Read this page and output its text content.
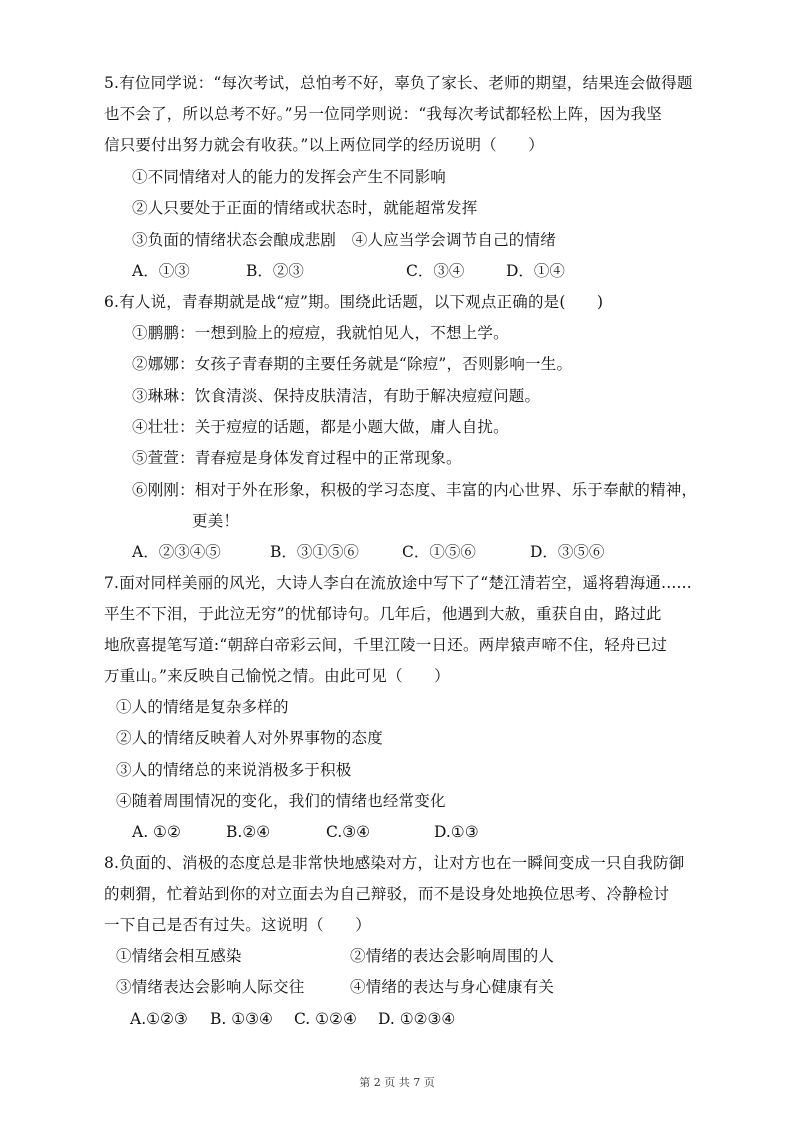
5.有位同学说：“每次考试，总怕考不好，辜负了家长、老师的期望，结果连会做得题
也不会了，所以总考不好。”另一位同学则说：“我每次考试都轻松上阵，因为我坚
信只要付出努力就会有收获。”以上两位同学的经历说明（　　）
①不同情绪对人的能力的发挥会产生不同影响
②人只要处于正面的情绪或状态时，就能超常发挥
③负面的情绪状态会酿成悲剧　④人应当学会调节自己的情绪
A．①③	B．②③	C．③④	D．①④
6.有人说，青春期就是战“痘”期。围绕此话题，以下观点正确的是(　　)
①鹏鹏：一想到脸上的痘痘，我就怕见人，不想上学。
②娜娜：女孩子青春期的主要任务就是“除痘”，否则影响一生。
③琳琳：饮食清淡、保持皮肤清洁，有助于解决痘痘问题。
④壮壮：关于痘痘的话题，都是小题大做，庸人自扰。
⑤萱萱：青春痘是身体发育过程中的正常现象。
⑥刚刚：相对于外在形象，积极的学习态度、丰富的内心世界、乐于奉献的精神，
更美！
A．②③④⑤	B．③①⑤⑥	C．①⑤⑥	D．③⑤⑥
7.面对同样美丽的风光，大诗人李白在流放途中写下了“楚江清若空，遥将碧海通......
平生不下泪，于此泣无穷”的忧郁诗句。几年后，他遇到大赦，重获自由，路过此
地欣喜提笔写道:“朝辞白帝彩云间，千里江陵一日还。两岸猿声啼不住，轻舟已过
万重山。”来反映自己愉悦之情。由此可见（　　）
①人的情绪是复杂多样的
②人的情绪反映着人对外界事物的态度
③人的情绪总的来说消极多于积极
④随着周围情况的变化，我们的情绪也经常变化
A. ①②	B.②④	C.③④	D.①③
8.负面的、消极的态度总是非常快地感染对方，让对方也在一瞬间变成一只自我防御
的刺猬，忙着站到你的对立面去为自己辩驳，而不是设身处地换位思考、冷静检讨
一下自己是否有过失。这说明（　　）
①情绪会相互感染	②情绪的表达会影响周围的人
③情绪表达会影响人际交往	④情绪的表达与身心健康有关
A.①②③ B. ①③④ C. ①②④ D. ①②③④
第 2 页 共 7 页
